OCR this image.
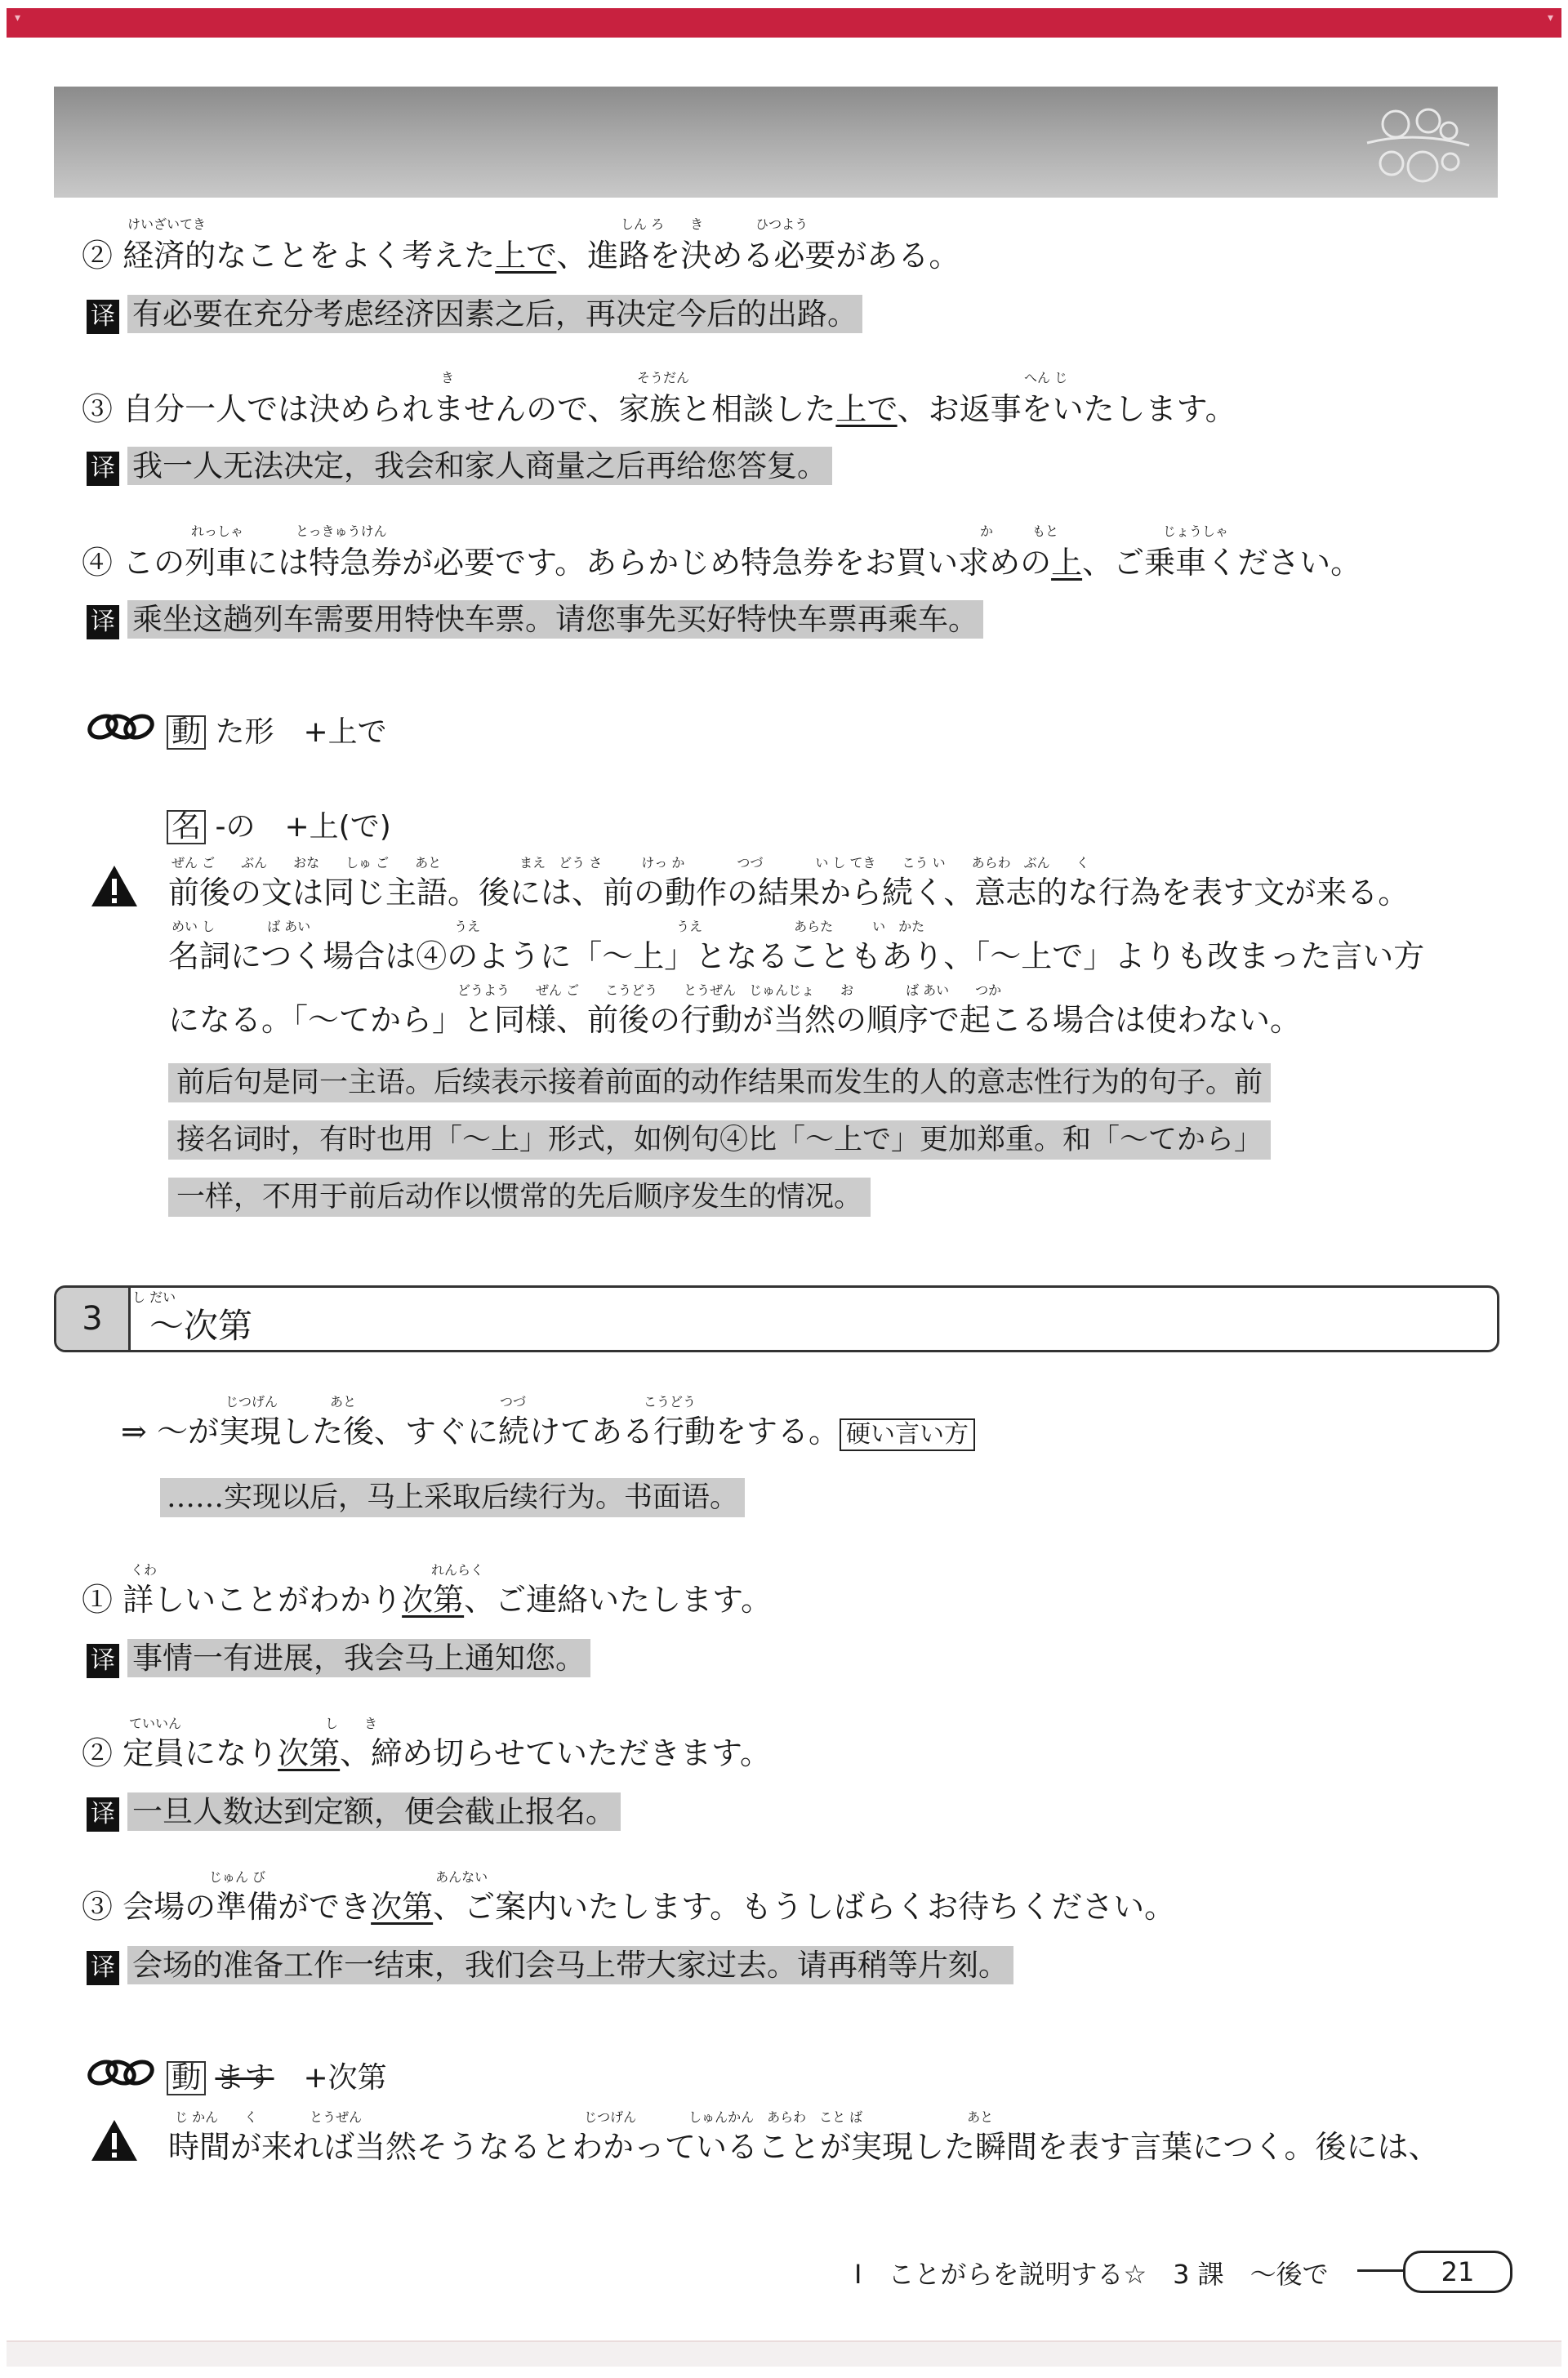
▾	▾
けいざいてき	しん ろ　　き　　　　ひつよう
② 経済的なことをよく考えた上で、進路を決める必要がある。
译 有必要在充分考虑经济因素之后，再决定今后的出路。
き　　　　　　　　　　　　　　そうだん	へん じ
③ 自分一人では決められませんので、家族と相談した上で、お返事をいたします。
译 我一人无法决定，我会和家人商量之后再给您答复。
れっしゃ　　　　とっきゅうけん	か　　　もと　　　　　　　　じょうしゃ
④ この列車には特急券が必要です。あらかじめ特急券をお買い求めの上、ご乗車ください。
译 乘坐这趟列车需要用特快车票。请您事先买好特快车票再乘车。
動 た形　 +上で
名 -の　 +上(で)
ぜん ご　　ぶん　　おな　　しゅ ご　　あと　　　　　　まえ　どう さ　　　けっ か　　　　つづ　　　　い し てき　　こう い　　あらわ　ぶん　　く
前後の文は同じ主語。後には、前の動作の結果から続く、意志的な行為を表す文が来る。
めい し　　　　ば あい　　　　　　　　　　　うえ　　　　　　　　　　　　　　　うえ　　　　　　　あらた　　　い　かた
名詞につく場合は④のように「〜上」となることもあり、「〜上で」よりも改まった言い方
どうよう　　ぜん ご　　こうどう　　とうぜん　じゅんじょ　　お　　　　ば あい　　つか
になる。「〜てから」と同様、前後の行動が当然の順序で起こる場合は使わない。
前后句是同一主语。后续表示接着前面的动作结果而发生的人的意志性行为的句子。前
接名词时，有时也用「〜上」形式，如例句④比「〜上で」更加郑重。和「〜てから」
一样，不用于前后动作以惯常的先后顺序发生的情况。
3	〜次第
し だい
じつげん　　　　あと　　　　　　　　　　　つづ　　　　　　　　　こうどう
⇒ 〜が実現した後、すぐに続けてある行動をする。 硬い言い方
……实现以后，马上采取后续行为。书面语。
くわ　　　　　　　　　　　　　　　　　　　　　れんらく
① 詳しいことがわかり次第、ご連絡いたします。
译 事情一有进展，我会马上通知您。
ていいん　　　　　　　　　　　し　　き
② 定員になり次第、締め切らせていただきます。
译 一旦人数达到定额，便会截止报名。
じゅん び　　　　　　　　　　　　　あんない
③ 会場の準備ができ次第、ご案内いたします。もうしばらくお待ちください。
译 会场的准备工作一结束，我们会马上带大家过去。请再稍等片刻。
動 ます　 +次第
じ かん　　く　　　　とうぜん　　　　　　　　　　　　　　　　　じつげん　　　　しゅんかん　あらわ　こと ば　　　　　　　　あと
時間が来れば当然そうなるとわかっていることが実現した瞬間を表す言葉につく。後には、
Ⅰ　ことがらを説明する☆　3 課　〜後で	21
